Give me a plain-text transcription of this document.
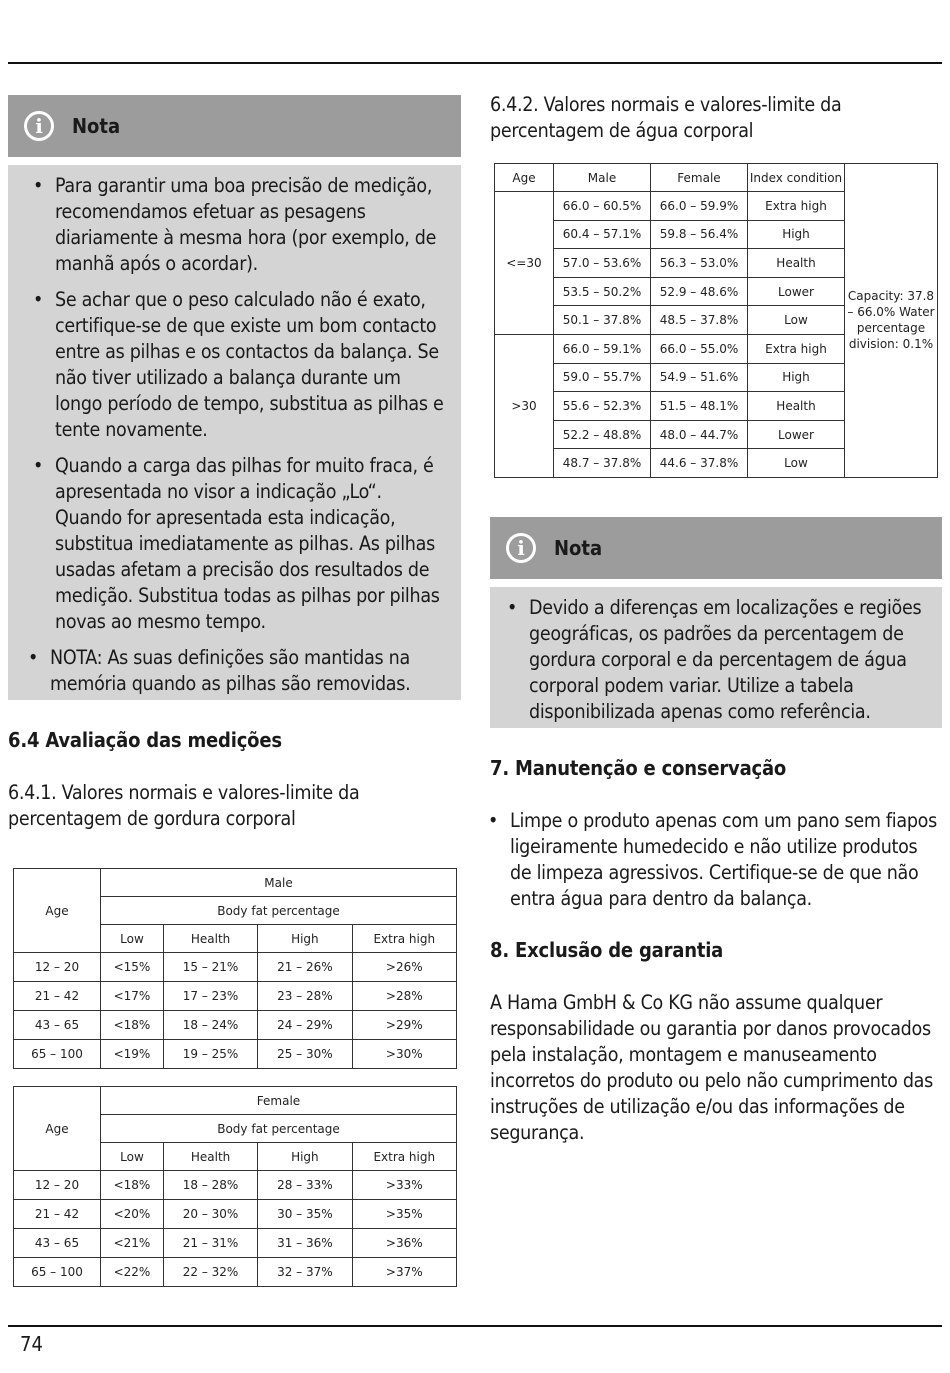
i	Nota
• Para garantir uma boa precisão de medição, recomendamos efetuar as pesagens diariamente à mesma hora (por exemplo, de manhã após o acordar).
• Se achar que o peso calculado não é exato, certifique-se de que existe um bom contacto entre as pilhas e os contactos da balança. Se não tiver utilizado a balança durante um longo período de tempo, substitua as pilhas e tente novamente.
• Quando a carga das pilhas for muito fraca, é apresentada no visor a indicação „Lo“. Quando for apresentada esta indicação, substitua imediatamente as pilhas. As pilhas usadas afetam a precisão dos resultados de medição. Substitua todas as pilhas por pilhas novas ao mesmo tempo.
• NOTA: As suas definições são mantidas na memória quando as pilhas são removidas.
6.4 Avaliação das medições
6.4.1. Valores normais e valores-limite da percentagem de gordura corporal
Age	Male			
	Body fat percentage			
	Low	Health	High	Extra high
12 – 20	<15%	15 – 21%	21 – 26%	>26%
21 – 42	<17%	17 – 23%	23 – 28%	>28%
43 – 65	<18%	18 – 24%	24 – 29%	>29%
65 – 100	<19%	19 – 25%	25 – 30%	>30%
Age	Female			
	Body fat percentage			
	Low	Health	High	Extra high
12 – 20	<18%	18 – 28%	28 – 33%	>33%
21 – 42	<20%	20 – 30%	30 – 35%	>35%
43 – 65	<21%	21 – 31%	31 – 36%	>36%
65 – 100	<22%	22 – 32%	32 – 37%	>37%
6.4.2. Valores normais e valores-limite da percentagem de água corporal
Age	Male	Female	Index condition	Capacity: 37.8 – 66.0% Water percentage division: 0.1%
<=30	66.0 – 60.5%	66.0 – 59.9%	Extra high	
	60.4 – 57.1%	59.8 – 56.4%	High	
	57.0 – 53.6%	56.3 – 53.0%	Health	
	53.5 – 50.2%	52.9 – 48.6%	Lower	
	50.1 – 37.8%	48.5 – 37.8%	Low	
>30	66.0 – 59.1%	66.0 – 55.0%	Extra high	
	59.0 – 55.7%	54.9 – 51.6%	High	
	55.6 – 52.3%	51.5 – 48.1%	Health	
	52.2 – 48.8%	48.0 – 44.7%	Lower	
	48.7 – 37.8%	44.6 – 37.8%	Low	
i	Nota
• Devido a diferenças em localizações e regiões geográficas, os padrões da percentagem de gordura corporal e da percentagem de água corporal podem variar. Utilize a tabela disponibilizada apenas como referência.
7. Manutenção e conservação
• Limpe o produto apenas com um pano sem fiapos ligeiramente humedecido e não utilize produtos de limpeza agressivos. Certifique-se de que não entra água para dentro da balança.
8. Exclusão de garantia
A Hama GmbH & Co KG não assume qualquer responsabilidade ou garantia por danos provocados pela instalação, montagem e manuseamento incorretos do produto ou pelo não cumprimento das instruções de utilização e/ou das informações de segurança.
74
